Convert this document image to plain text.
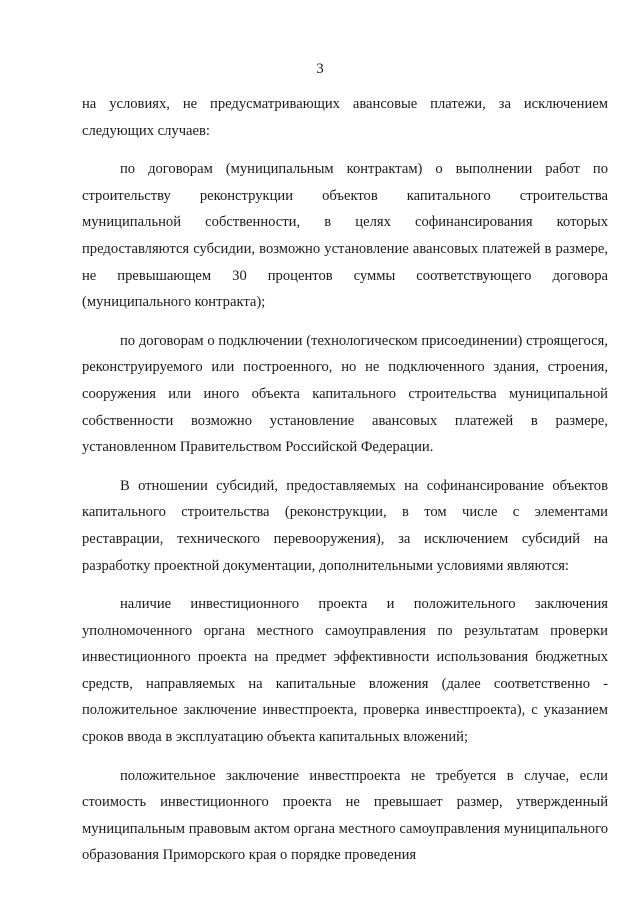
3

на условиях, не предусматривающих авансовые платежи, за исключением следующих случаев:

по договорам (муниципальным контрактам) о выполнении работ по строительству реконструкции объектов капитального строительства муниципальной собственности, в целях софинансирования которых предоставляются субсидии, возможно установление авансовых платежей в размере, не превышающем 30 процентов суммы соответствующего договора (муниципального контракта);

по договорам о подключении (технологическом присоединении) строящегося, реконструируемого или построенного, но не подключенного здания, строения, сооружения или иного объекта капитального строительства муниципальной собственности возможно установление авансовых платежей в размере, установленном Правительством Российской Федерации.

В отношении субсидий, предоставляемых на софинансирование объектов капитального строительства (реконструкции, в том числе с элементами реставрации, технического перевооружения), за исключением субсидий на разработку проектной документации, дополнительными условиями являются:

наличие инвестиционного проекта и положительного заключения уполномоченного органа местного самоуправления по результатам проверки инвестиционного проекта на предмет эффективности использования бюджетных средств, направляемых на капитальные вложения (далее соответственно - положительное заключение инвестпроекта, проверка инвестпроекта), с указанием сроков ввода в эксплуатацию объекта капитальных вложений;

положительное заключение инвестпроекта не требуется в случае, если стоимость инвестиционного проекта не превышает размер, утвержденный муниципальным правовым актом органа местного самоуправления муниципального образования Приморского края о порядке проведения
